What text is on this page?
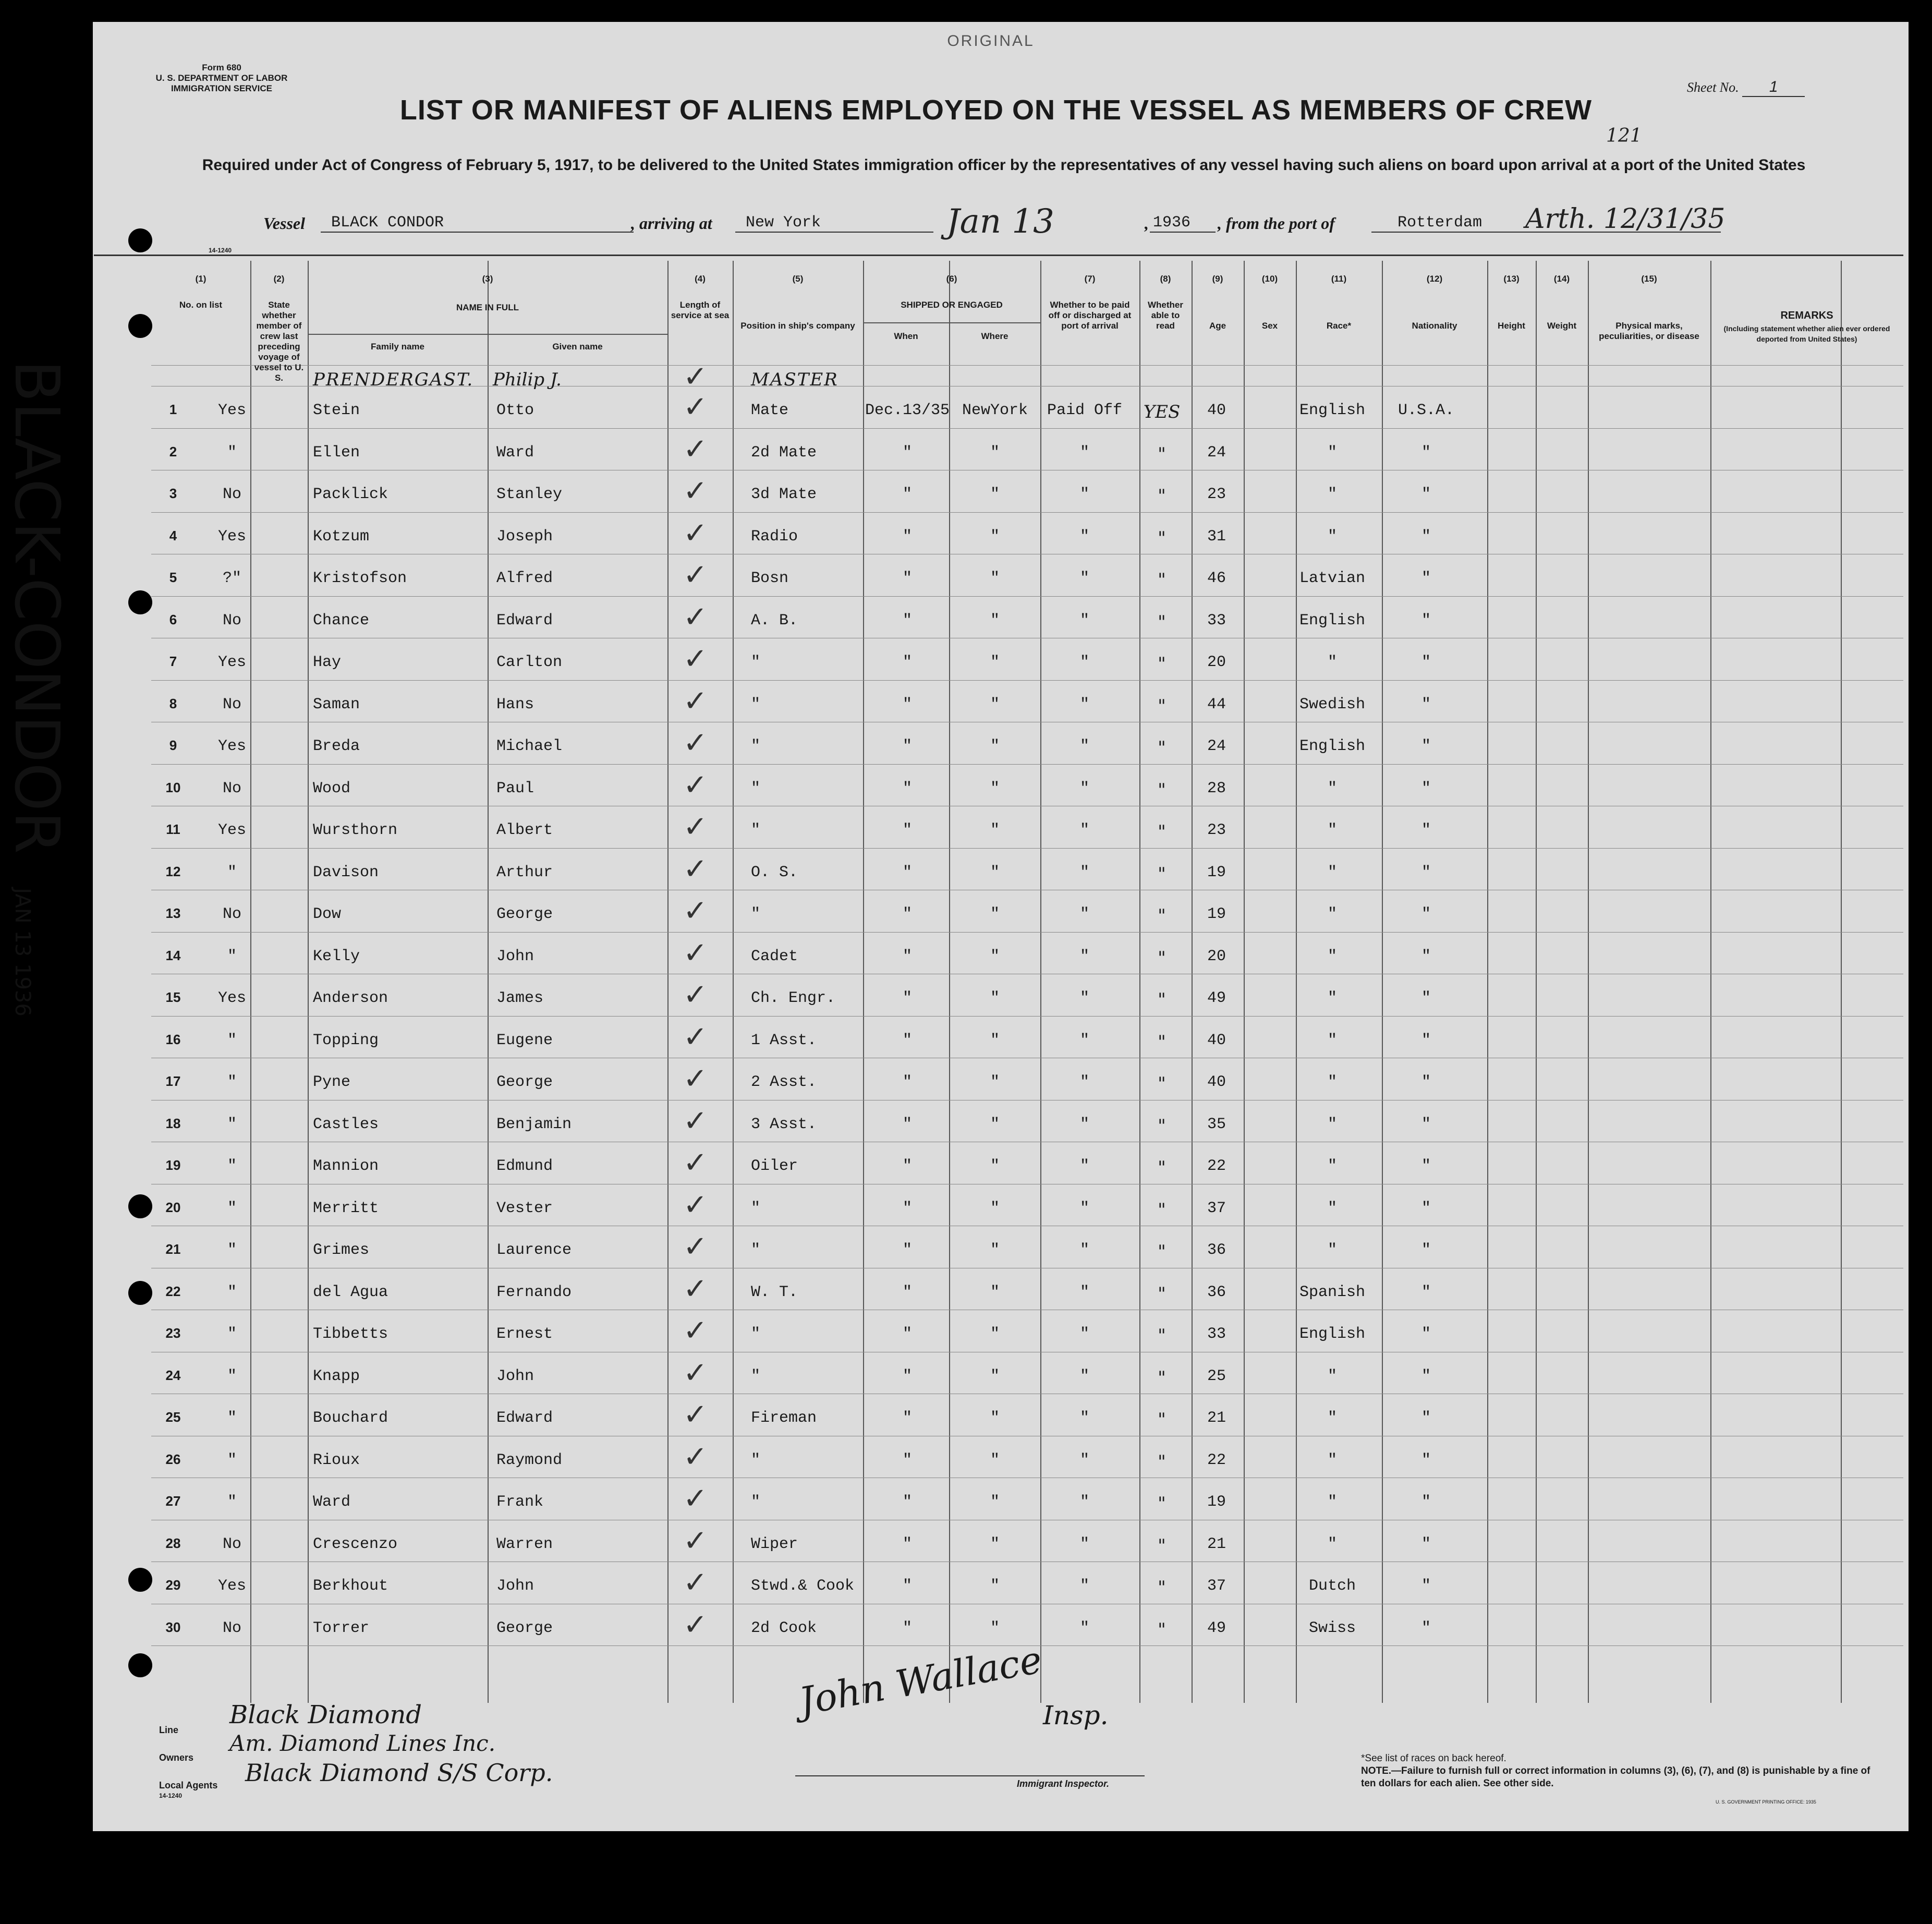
Form 680
U. S. DEPARTMENT OF LABOR
IMMIGRATION SERVICE
ORIGINAL
Sheet No. 1
121
LIST OR MANIFEST OF ALIENS EMPLOYED ON THE VESSEL AS MEMBERS OF CREW
Required under Act of Congress of February 5, 1917, to be delivered to the United States immigration officer by the representatives of any vessel having such aliens on board upon arrival at a port of the United States
Vessel	BLACK CONDOR	, arriving at	New York	Jan 13	, 1936	, from the port of	Rotterdam	Arth. 12/31/35
14-1240
(1)
No. on list
(2)
State whether member of crew last preceding voyage of vessel to U. S.
(3)
NAME IN FULL
(4)
Length of service at sea
(5)
Position in ship's company
(6)
SHIPPED OR ENGAGED
(7)
Whether to be paid off or discharged at port of arrival
(8)
Whether able to read
(9)
Age
(10)
Sex
(11)
Race*
(12)
Nationality
(13)
Height
(14)
Weight
(15)
Physical marks, peculiarities, or disease
REMARKS
Family name	Given name
When	Where
(Including statement whether alien ever ordered deported from United States)
PRENDERGAST. Philip J.	MASTER
1	Yes	Stein	Otto	Mate	Dec.13/35 NewYork	Paid Off	YES	40	English	U.S.A.
✓
2	"	Ellen	Ward	2d Mate	"	"	"	"	24	"	"
✓
3	No	Packlick	Stanley	3d Mate	"	"	"	"	23	"	"
✓
4	Yes	Kotzum	Joseph	Radio	"	"	"	"	31	"	"
✓
5	?"	Kristofson	Alfred	Bosn	"	"	"	"	46	Latvian	"
✓
6	No	Chance	Edward	A. B.	"	"	"	"	33	English	"
✓
7	Yes	Hay	Carlton	"	"	"	"	"	20	"	"
✓
8	No	Saman	Hans	"	"	"	"	"	44	Swedish	"
✓
9	Yes	Breda	Michael	"	"	"	"	"	24	English	"
✓
10	No	Wood	Paul	"	"	"	"	"	28	"	"
✓
11	Yes	Wursthorn	Albert	"	"	"	"	"	23	"	"
✓
12	"	Davison	Arthur	O. S.	"	"	"	"	19	"	"
✓
13	No	Dow	George	"	"	"	"	"	19	"	"
✓
14	"	Kelly	John	Cadet	"	"	"	"	20	"	"
✓
15	Yes	Anderson	James	Ch. Engr.	"	"	"	"	49	"	"
✓
16	"	Topping	Eugene	1 Asst.	"	"	"	"	40	"	"
✓
17	"	Pyne	George	2 Asst.	"	"	"	"	40	"	"
✓
18	"	Castles	Benjamin	3 Asst.	"	"	"	"	35	"	"
✓
19	"	Mannion	Edmund	Oiler	"	"	"	"	22	"	"
✓
20	"	Merritt	Vester	"	"	"	"	"	37	"	"
✓
21	"	Grimes	Laurence	"	"	"	"	"	36	"	"
✓
22	"	del Agua	Fernando	W. T.	"	"	"	"	36	Spanish	"
✓
23	"	Tibbetts	Ernest	"	"	"	"	"	33	English	"
✓
24	"	Knapp	John	"	"	"	"	"	25	"	"
✓
25	"	Bouchard	Edward	Fireman	"	"	"	"	21	"	"
✓
26	"	Rioux	Raymond	"	"	"	"	"	22	"	"
✓
27	"	Ward	Frank	"	"	"	"	"	19	"	"
✓
28	No	Crescenzo	Warren	Wiper	"	"	"	"	21	"	"
✓
29	Yes	Berkhout	John	Stwd.& Cook	"	"	"	"	37	Dutch	"
✓
30	No	Torrer	George	2d Cook	"	"	"	"	49	Swiss	"
✓
✓
BLACK-CONDOR JAN 13 1936
Line
Black Diamond
Owners
Am. Diamond Lines Inc.
Local Agents Black Diamond S/S Corp.
14-1240
John Wallace
Insp.
Immigrant Inspector.
*See list of races on back hereof.
NOTE.—Failure to furnish full or correct information in columns (3), (6), (7), and (8) is punishable by a fine of ten dollars for each alien. See other side.
U. S. GOVERNMENT PRINTING OFFICE: 1935
